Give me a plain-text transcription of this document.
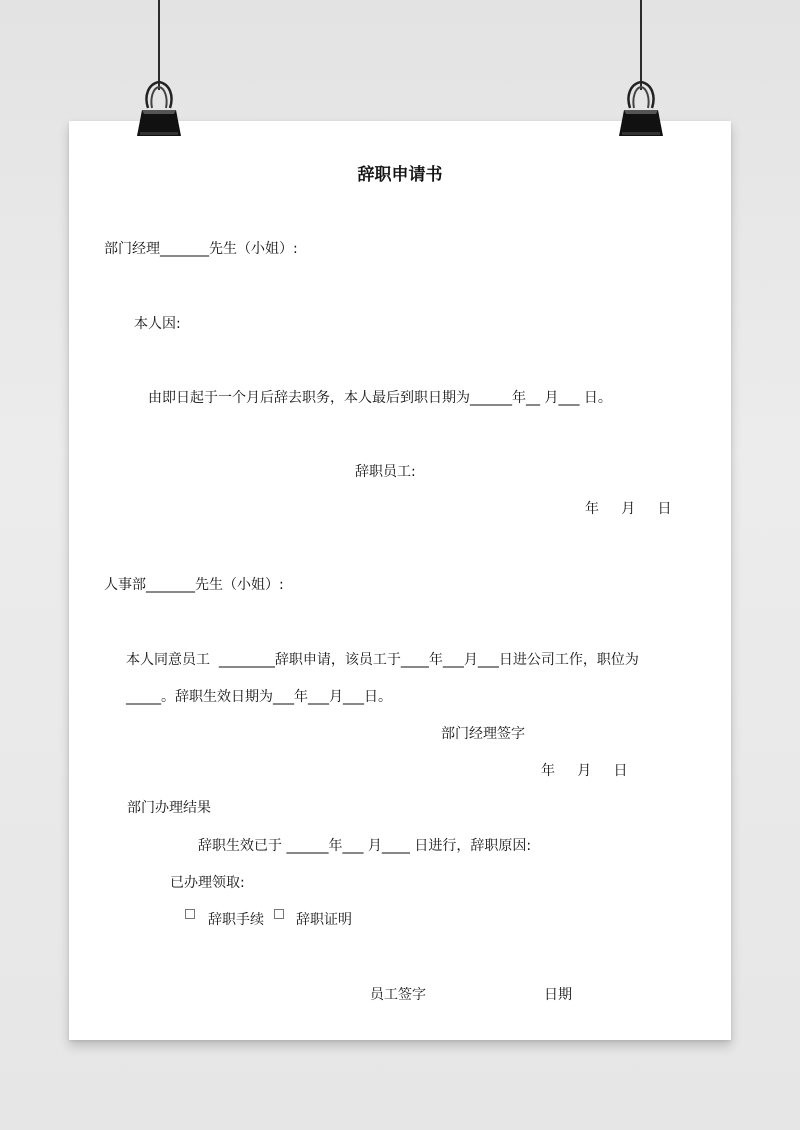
辞职申请书
部门经理_______先生（小姐）:
本人因:
由即日起于一个月后辞去职务，本人最后到职日期为______年__ 月___ 日。
辞职员工:
年     月     日
人事部_______先生（小姐）:
本人同意员工  ________辞职申请，该员工于____年___月___日进公司工作，职位为
_____。辞职生效日期为___年___月___日。
部门经理签字
年     月     日
部门办理结果
辞职生效已于 ______年___ 月____ 日进行，辞职原因:
已办理领取:
辞职手续 辞职证明
员工签字	日期
